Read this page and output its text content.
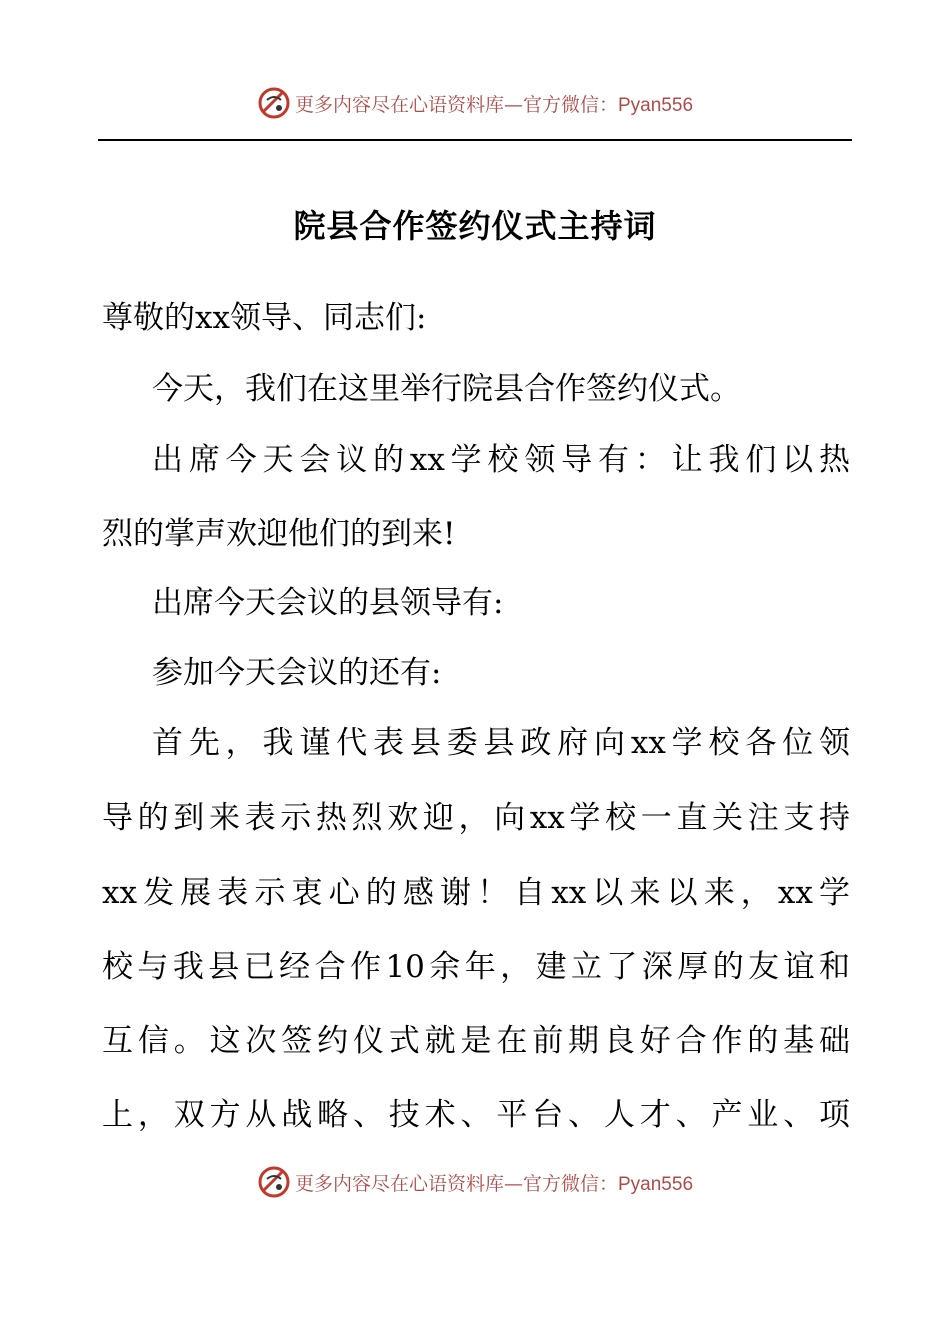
更多内容尽在心语资料库—官方微信：Pyan556
院县合作签约仪式主持词
尊敬的xx领导、同志们:
今天，我们在这里举行院县合作签约仪式。
出席今天会议的xx学校领导有：让我们以热
烈的掌声欢迎他们的到来!
出席今天会议的县领导有:
参加今天会议的还有:
首先，我谨代表县委县政府向xx学校各位领
导的到来表示热烈欢迎，向xx学校一直关注支持
xx发展表示衷心的感谢！自xx以来以来，xx学
校与我县已经合作10余年，建立了深厚的友谊和
互信。这次签约仪式就是在前期良好合作的基础
上，双方从战略、技术、平台、人才、产业、项
更多内容尽在心语资料库—官方微信：Pyan556
